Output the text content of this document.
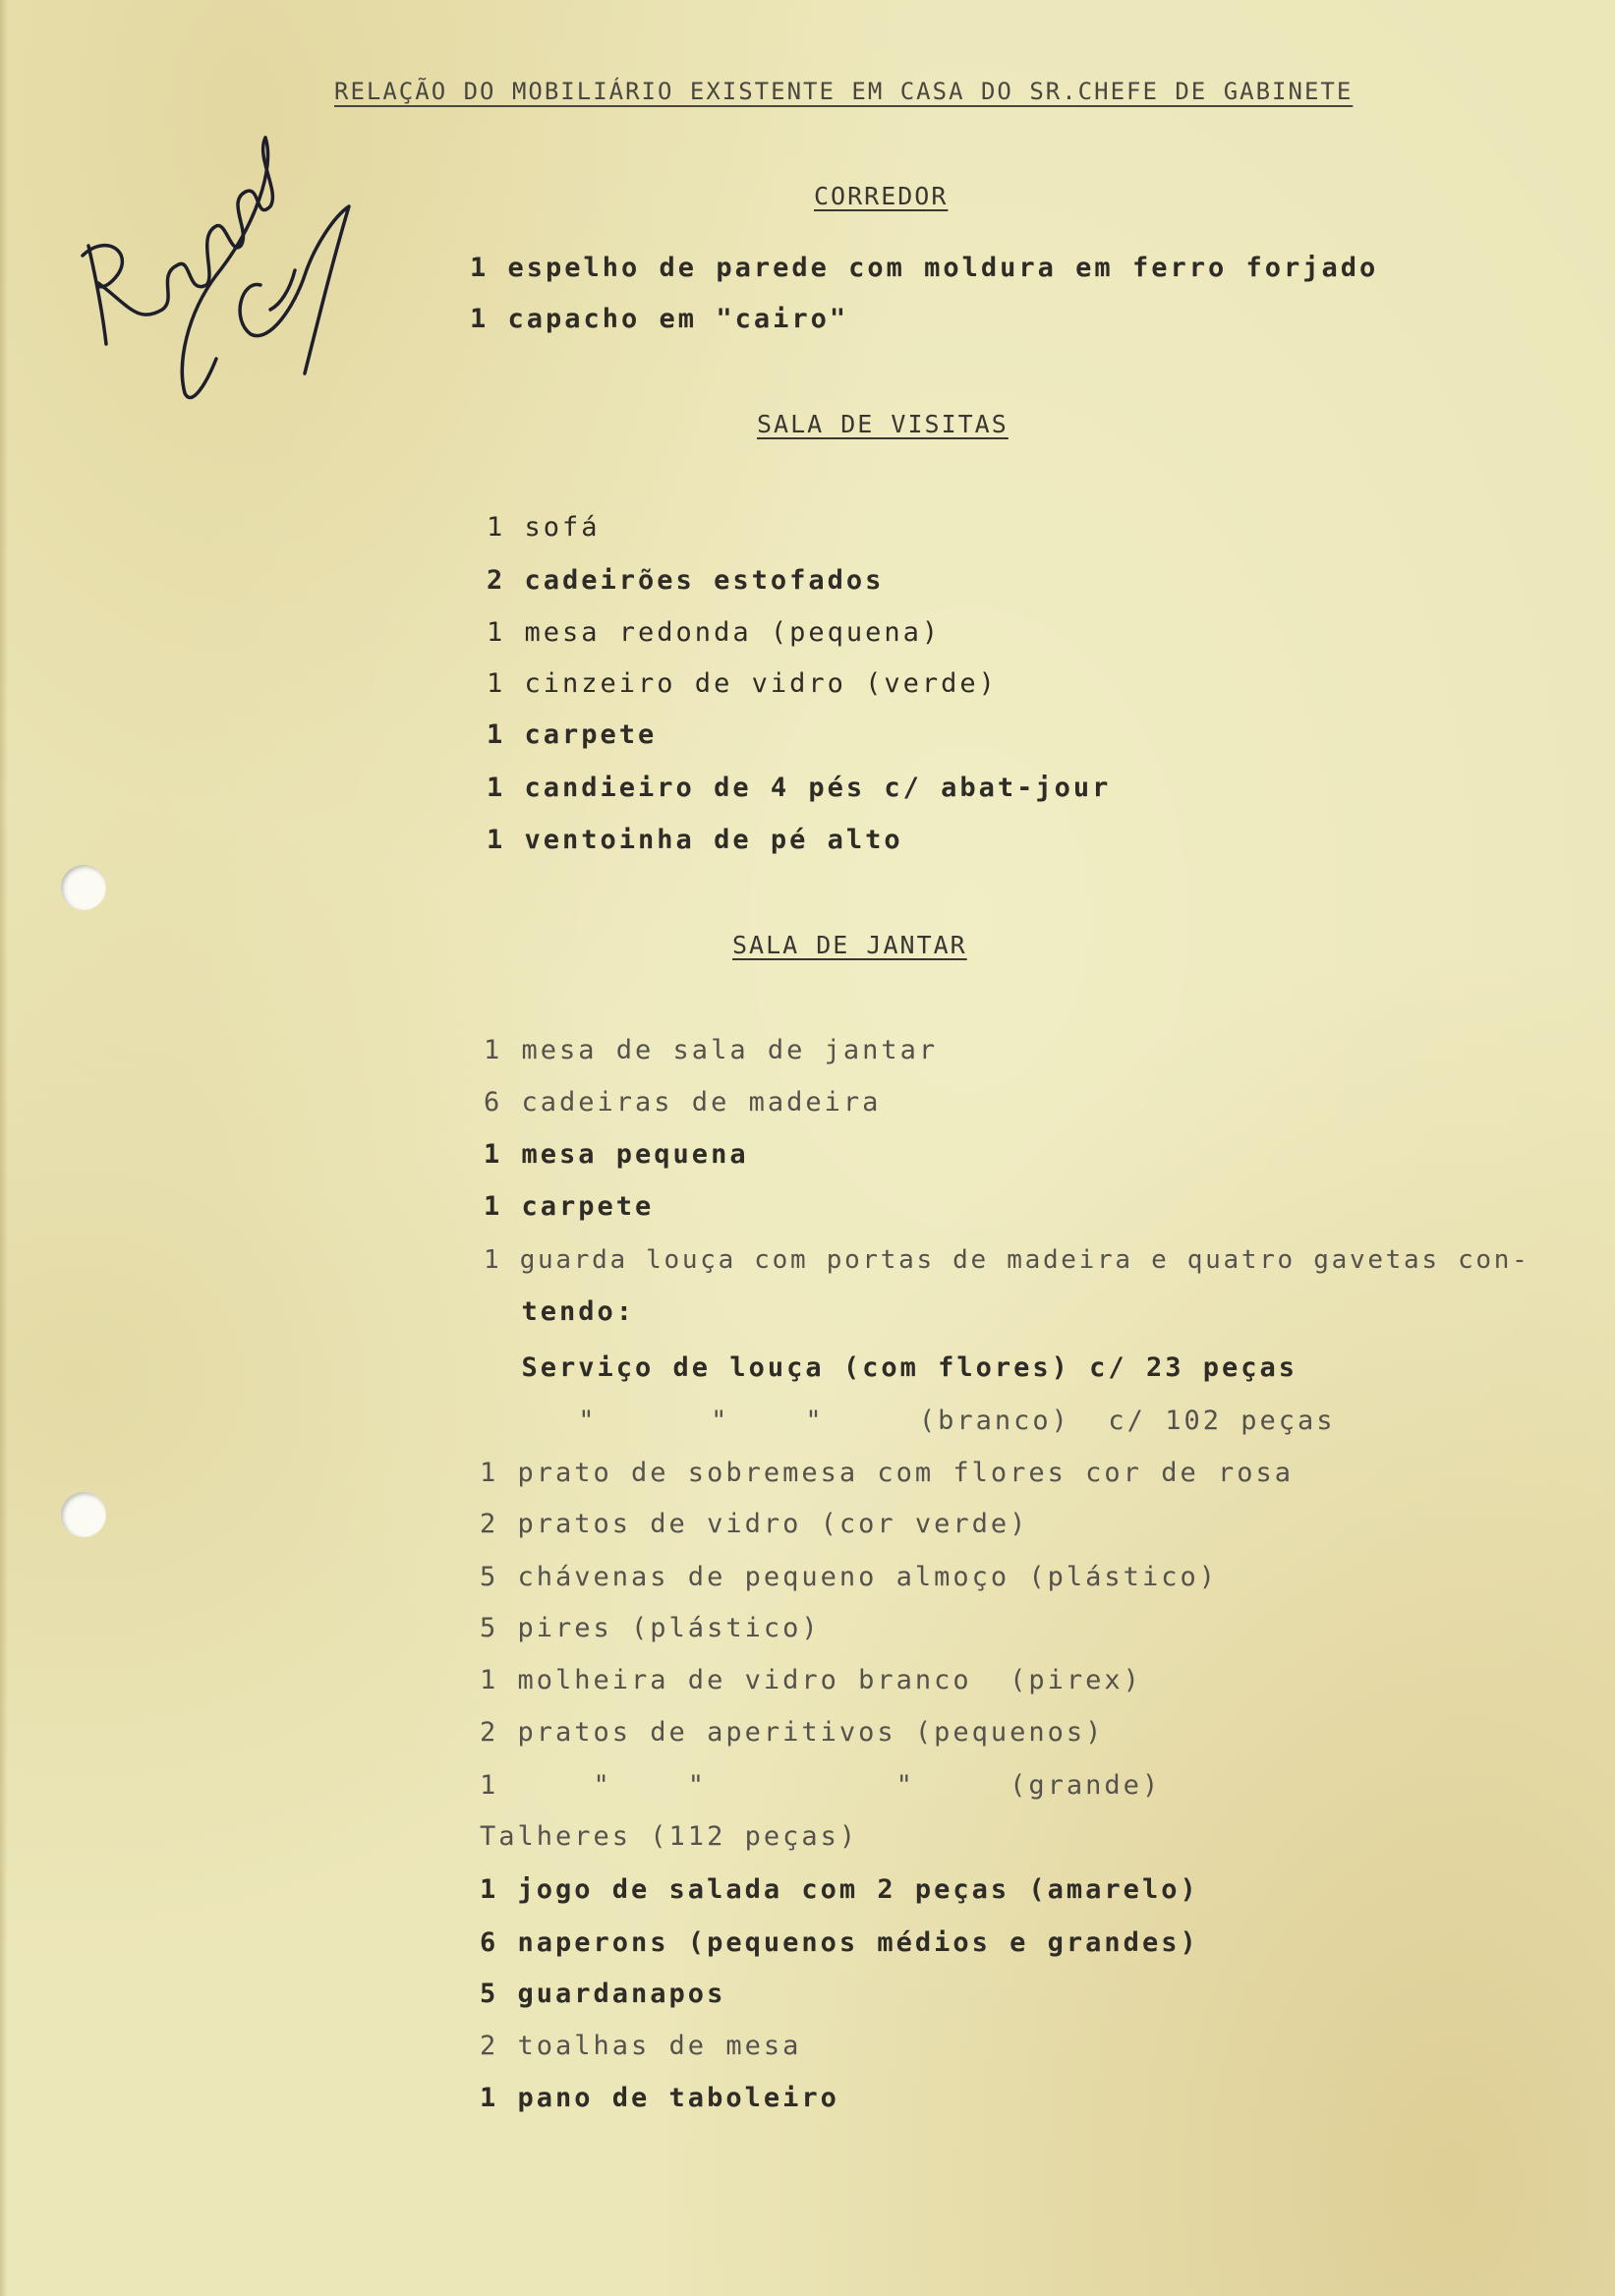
RELAÇÃO DO MOBILIÁRIO EXISTENTE EM CASA DO SR.CHEFE DE GABINETE
CORREDOR
1 espelho de parede com moldura em ferro forjado
1 capacho em "cairo"
SALA DE VISITAS
1 sofá
2 cadeirões estofados
1 mesa redonda (pequena)
1 cinzeiro de vidro (verde)
1 carpete
1 candieiro de 4 pés c/ abat-jour
1 ventoinha de pé alto
SALA DE JANTAR
1 mesa de sala de jantar
6 cadeiras de madeira
1 mesa pequena
1 carpete
1 guarda louça com portas de madeira e quatro gavetas con-
tendo:
Serviço de louça (com flores) c/ 23 peças
"      "    "     (branco)  c/ 102 peças
1 prato de sobremesa com flores cor de rosa
2 pratos de vidro (cor verde)
5 chávenas de pequeno almoço (plástico)
5 pires (plástico)
1 molheira de vidro branco  (pirex)
2 pratos de aperitivos (pequenos)
1     "    "          "     (grande)
Talheres (112 peças)
1 jogo de salada com 2 peças (amarelo)
6 naperons (pequenos médios e grandes)
5 guardanapos
2 toalhas de mesa
1 pano de taboleiro
